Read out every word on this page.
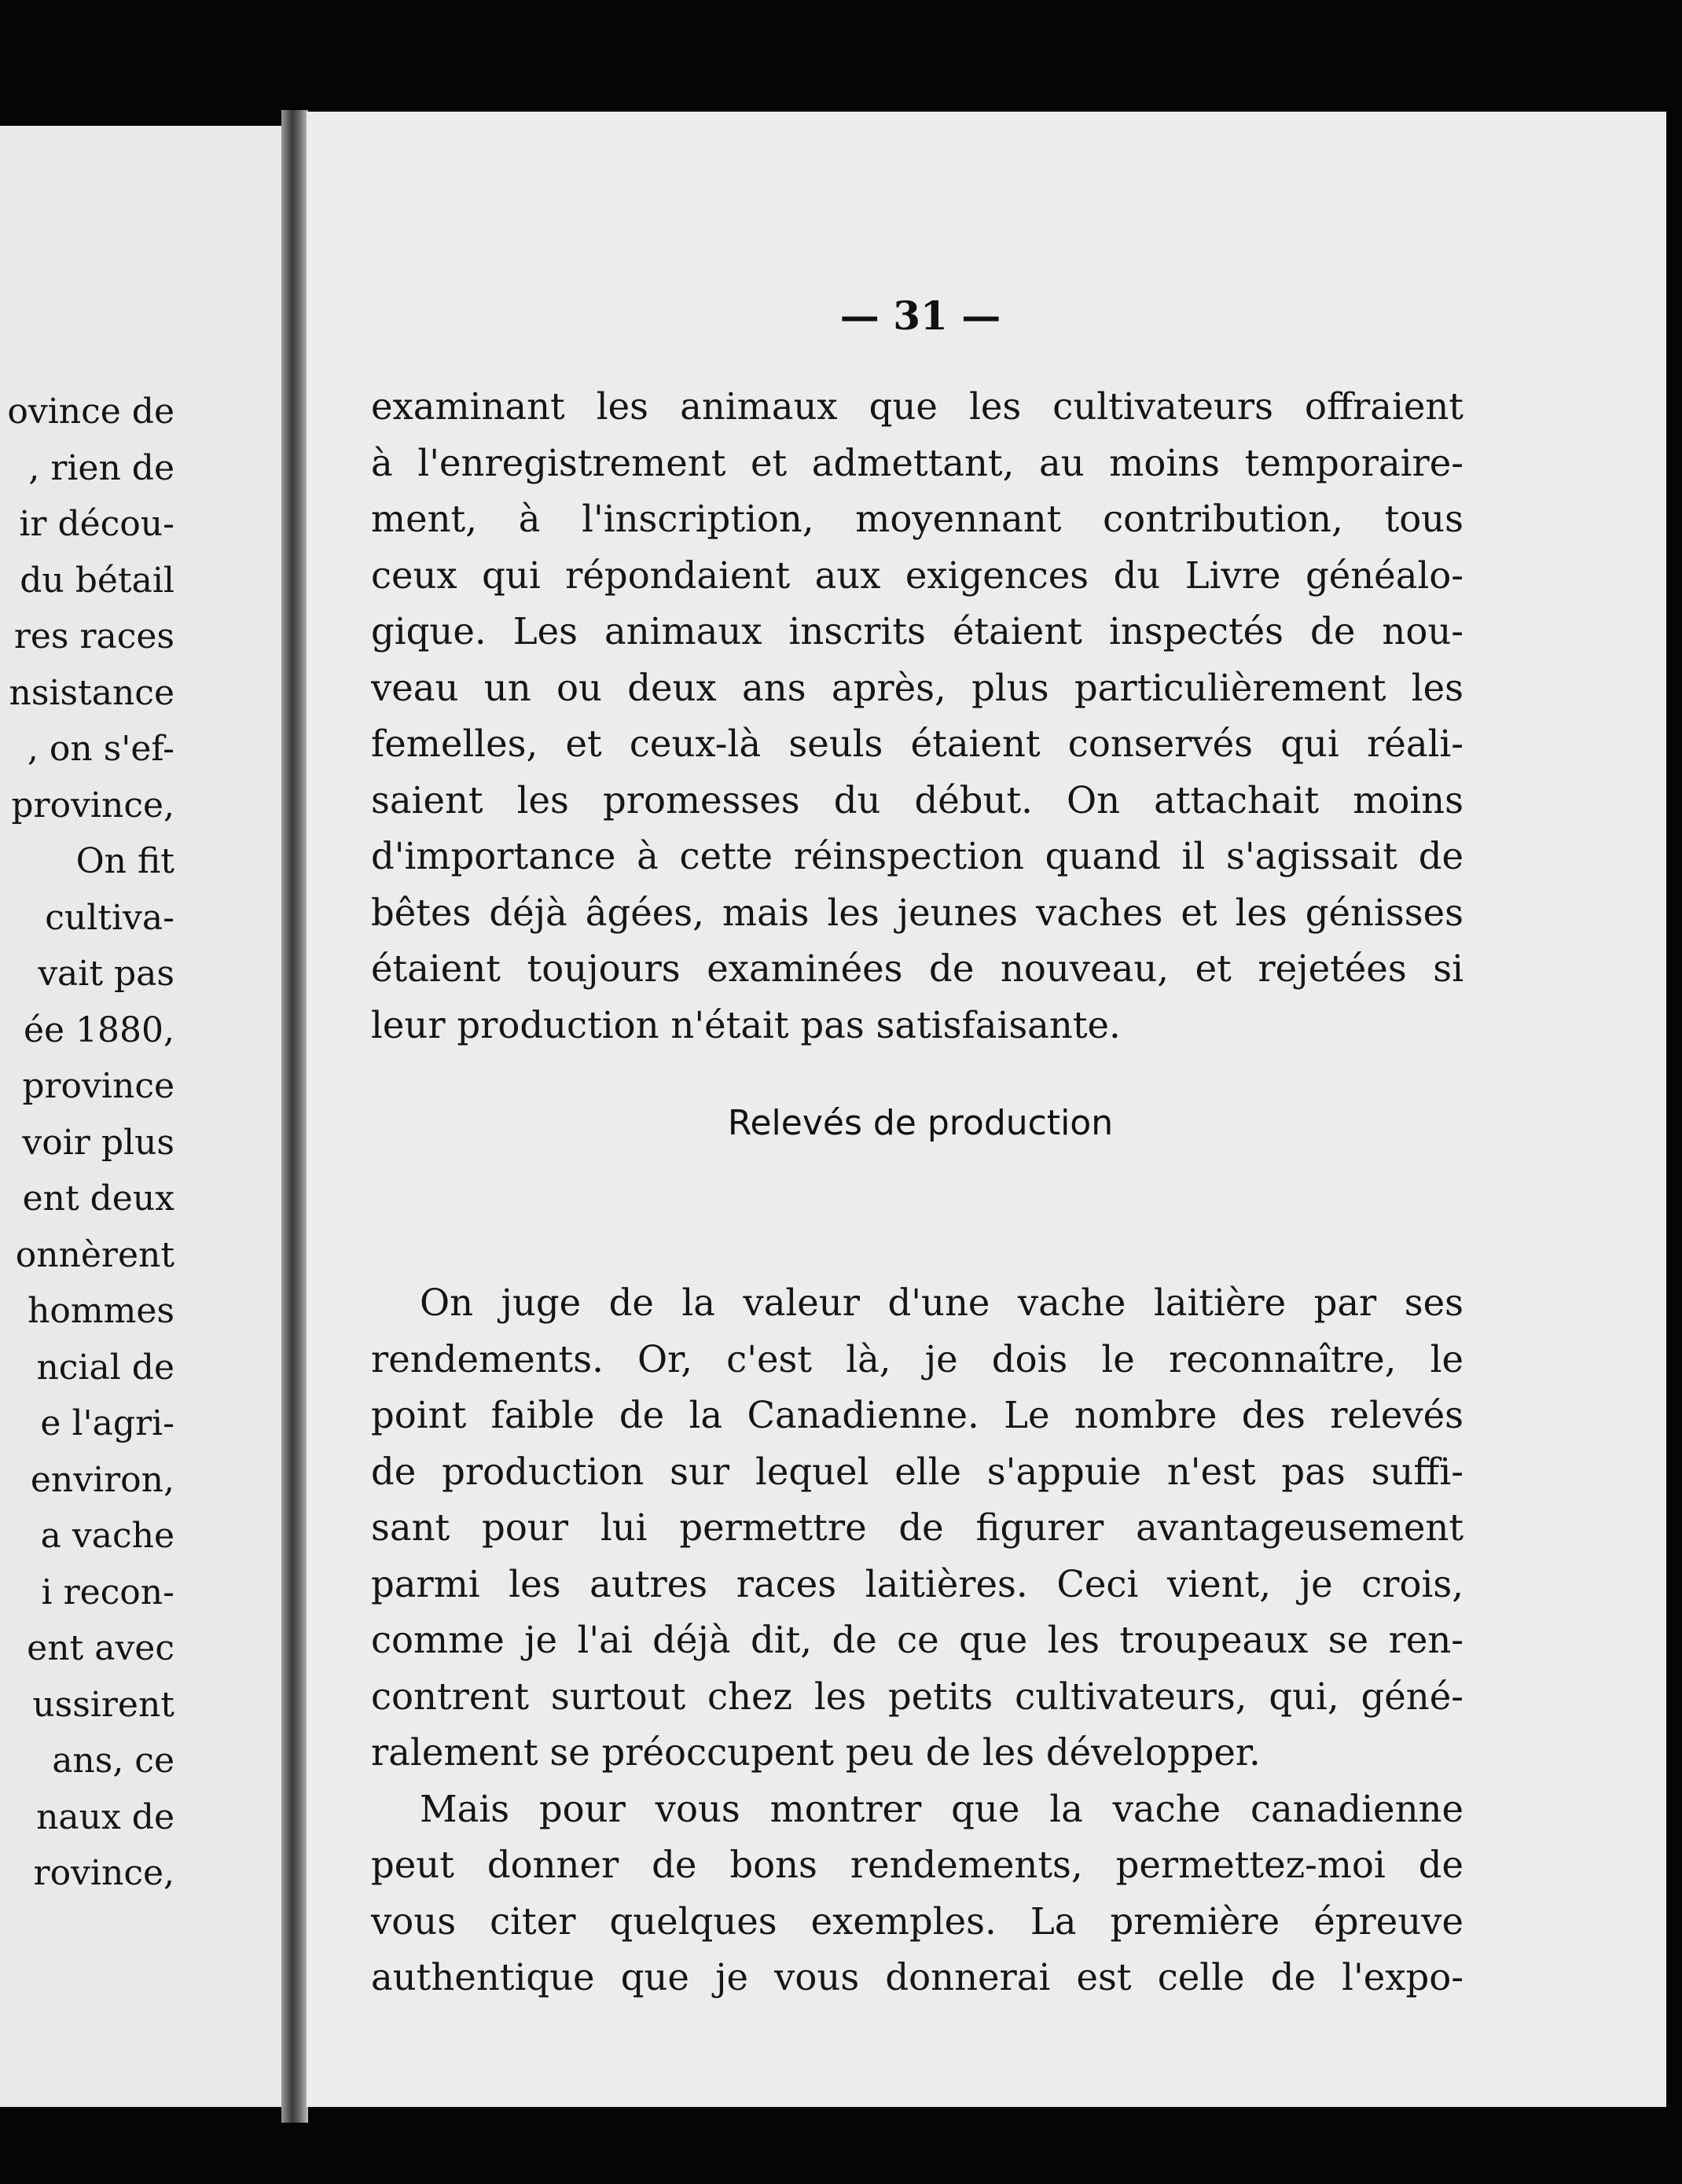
ovince de
, rien de
ir décou-
du bétail
res races
nsistance
, on s'ef-
province,
On fit
cultiva-
vait pas
ée 1880,
province
voir plus
ent deux
onnèrent
hommes
ncial de
e l'agri-
environ,
a vache
i recon-
ent avec
ussirent
ans, ce
naux de
rovince,
— 31 —
examinant les animaux que les cultivateurs offraient
à l'enregistrement et admettant, au moins temporaire-
ment, à l'inscription, moyennant contribution, tous
ceux qui répondaient aux exigences du Livre généalo-
gique. Les animaux inscrits étaient inspectés de nou-
veau un ou deux ans après, plus particulièrement les
femelles, et ceux-là seuls étaient conservés qui réali-
saient les promesses du début. On attachait moins
d'importance à cette réinspection quand il s'agissait de
bêtes déjà âgées, mais les jeunes vaches et les génisses
étaient toujours examinées de nouveau, et rejetées si
leur production n'était pas satisfaisante.
Relevés de production
On juge de la valeur d'une vache laitière par ses
rendements. Or, c'est là, je dois le reconnaître, le
point faible de la Canadienne. Le nombre des relevés
de production sur lequel elle s'appuie n'est pas suffi-
sant pour lui permettre de figurer avantageusement
parmi les autres races laitières. Ceci vient, je crois,
comme je l'ai déjà dit, de ce que les troupeaux se ren-
contrent surtout chez les petits cultivateurs, qui, géné-
ralement se préoccupent peu de les développer.
Mais pour vous montrer que la vache canadienne
peut donner de bons rendements, permettez-moi de
vous citer quelques exemples. La première épreuve
authentique que je vous donnerai est celle de l'expo-
